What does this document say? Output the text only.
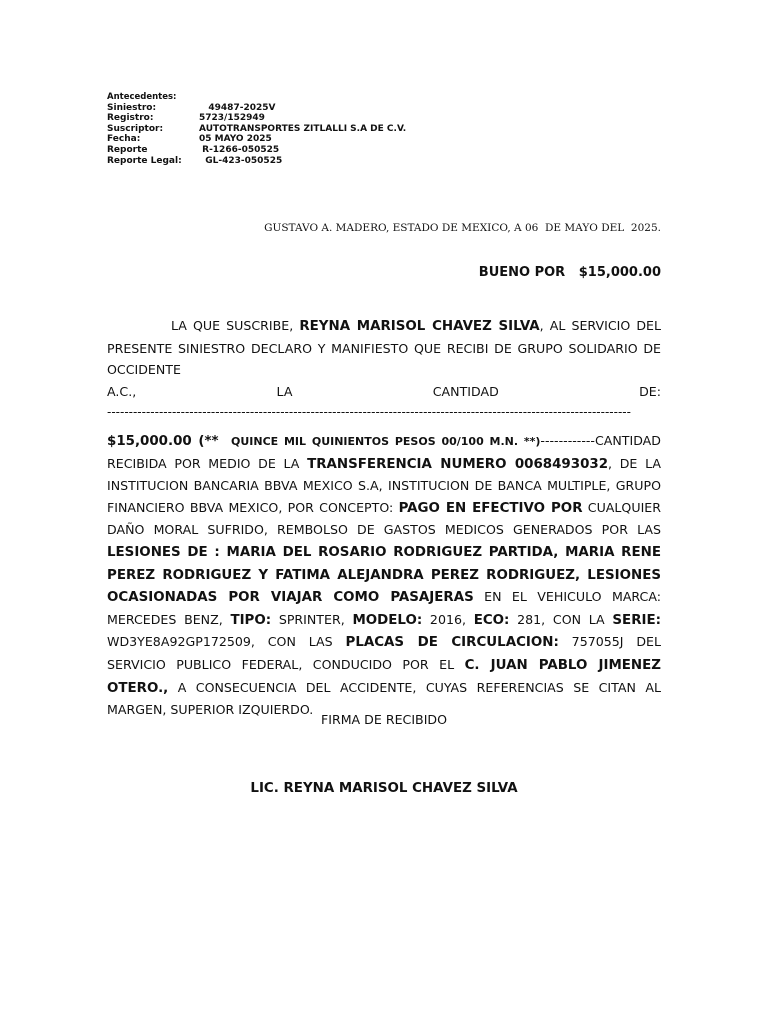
Antecedentes:
Siniestro:	49487-2025V
Registro:	5723/152949
Suscriptor:	AUTOTRANSPORTES ZITLALLI S.A DE C.V.
Fecha:	05 MAYO 2025
Reporte	R-1266-050525
Reporte Legal:	GL-423-050525
GUSTAVO A. MADERO, ESTADO DE MEXICO, A 06  DE MAYO DEL  2025.
BUENO POR   $15,000.00

LA QUE SUSCRIBE, REYNA MARISOL CHAVEZ SILVA, AL SERVICIO DEL PRESENTE SINIESTRO DECLARO Y MANIFIESTO QUE RECIBI DE GRUPO SOLIDARIO DE OCCIDENTE

A.C.,	LA	CANTIDAD	DE:
-------------------------------------------------------------------------------------------------------------------------

$15,000.00 (**  QUINCE MIL QUINIENTOS PESOS 00/100 M.N. **)------------CANTIDAD RECIBIDA POR MEDIO DE LA TRANSFERENCIA NUMERO 0068493032, DE LA INSTITUCION BANCARIA BBVA MEXICO S.A, INSTITUCION DE BANCA MULTIPLE, GRUPO FINANCIERO BBVA MEXICO, POR CONCEPTO: PAGO EN EFECTIVO POR CUALQUIER DAÑO MORAL SUFRIDO, REMBOLSO DE GASTOS MEDICOS GENERADOS POR LAS LESIONES DE : MARIA DEL ROSARIO RODRIGUEZ PARTIDA, MARIA RENE PEREZ RODRIGUEZ Y FATIMA ALEJANDRA PEREZ RODRIGUEZ, LESIONES OCASIONADAS POR VIAJAR COMO PASAJERAS EN EL VEHICULO MARCA: MERCEDES BENZ, TIPO: SPRINTER, MODELO: 2016, ECO: 281, CON LA SERIE: WD3YE8A92GP172509, CON LAS PLACAS DE CIRCULACION: 757055J DEL SERVICIO PUBLICO FEDERAL, CONDUCIDO POR EL C. JUAN PABLO JIMENEZ OTERO., A CONSECUENCIA DEL ACCIDENTE, CUYAS REFERENCIAS SE CITAN AL MARGEN, SUPERIOR IZQUIERDO.

FIRMA DE RECIBIDO
LIC. REYNA MARISOL CHAVEZ SILVA
